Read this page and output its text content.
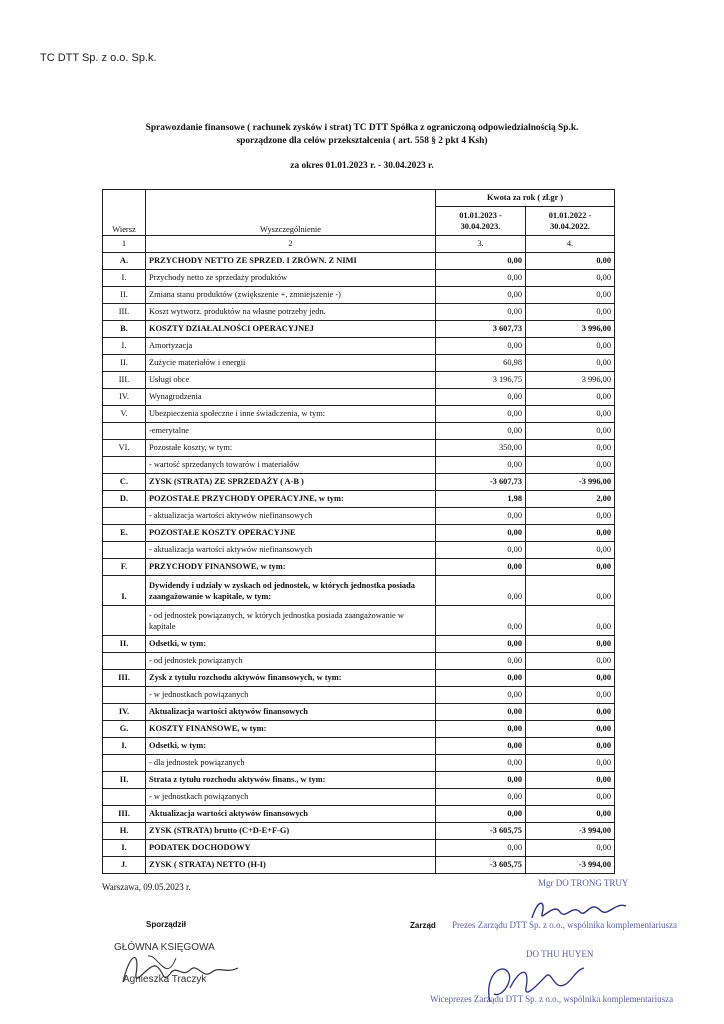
TC DTT Sp. z o.o. Sp.k.
Sprawozdanie finansowe ( rachunek zysków i strat) TC DTT Spółka z ograniczoną odpowiedzialnością Sp.k.
sporządzone dla celów przekształcenia ( art. 558 § 2 pkt 4 Ksh)
za okres 01.01.2023 r. - 30.04.2023 r.
Wiersz	Wyszczególnienie	Kwota za rok ( zł.gr )	
		01.01.2023 - 30.04.2023.	01.01.2022 - 30.04.2022.
1	2	3.	4.
A.	PRZYCHODY NETTO ZE SPRZED. I ZRÓWN. Z NIMI	0,00	0,00
I.	Przychody netto ze sprzedaży produktów	0,00	0,00
II.	Zmiana stanu produktów (zwiększenie +, zmniejszenie -)	0,00	0,00
III.	Koszt wytworz. produktów na własne potrzeby jedn.	0,00	0,00
B.	KOSZTY DZIAŁALNOŚCI OPERACYJNEJ	3 607,73	3 996,00
I.	Amortyzacja	0,00	0,00
II.	Zużycie materiałów i energii	60,98	0,00
III.	Usługi obce	3 196,75	3 996,00
IV.	Wynagrodzenia	0,00	0,00
V.	Ubezpieczenia społeczne i inne świadczenia, w tym:	0,00	0,00
	-emerytalne	0,00	0,00
VI.	Pozostałe koszty, w tym:	350,00	0,00
	- wartość sprzedanych towarów i materiałów	0,00	0,00
C.	ZYSK (STRATA) ZE SPRZEDAŻY ( A-B )	-3 607,73	-3 996,00
D.	POZOSTAŁE PRZYCHODY OPERACYJNE, w tym:	1,98	2,00
	- aktualizacja wartości aktywów niefinansowych	0,00	0,00
E.	POZOSTAŁE KOSZTY OPERACYJNE	0,00	0,00
	- aktualizacja wartości aktywów niefinansowych	0,00	0,00
F.	PRZYCHODY FINANSOWE, w tym:	0,00	0,00
I.	Dywidendy i udziały w zyskach od jednostek, w których jednostka posiada zaangażowanie w kapitale, w tym:	0,00	0,00
	- od jednostek powiązanych, w których jednostka posiada zaangażowanie w kapitale	0,00	0,00
II.	Odsetki, w tym:	0,00	0,00
	- od jednostek powiązanych	0,00	0,00
III.	Zysk z tytułu rozchodu aktywów finansowych, w tym:	0,00	0,00
	- w jednostkach powiązanych	0,00	0,00
IV.	Aktualizacja wartości aktywów finansowych	0,00	0,00
G.	KOSZTY FINANSOWE, w tym:	0,00	0,00
I.	Odsetki, w tym:	0,00	0,00
	- dla jednostek powiązanych	0,00	0,00
II.	Strata z tytułu rozchodu aktywów finans., w tym:	0,00	0,00
	- w jednostkach powiązanych	0,00	0,00
III.	Aktualizacja wartości aktywów finansowych	0,00	0,00
H.	ZYSK (STRATA) brutto (C+D-E+F-G)	-3 605,75	-3 994,00
I.	PODATEK DOCHODOWY	0,00	0,00
J.	ZYSK ( STRATA) NETTO (H-I)	-3 605,75	-3 994,00
Warszawa, 09.05.2023 r.
Sporządził
GŁÓWNA KSIĘGOWA
Agnieszka Traczyk
Zarząd
Mgr DO TRONG TRUY
Prezes Zarządu DTT Sp. z o.o., wspólnika komplementariusza
DO THU HUYEN
Wiceprezes Zarządu DTT Sp. z o.o., wspólnika komplementariusza
